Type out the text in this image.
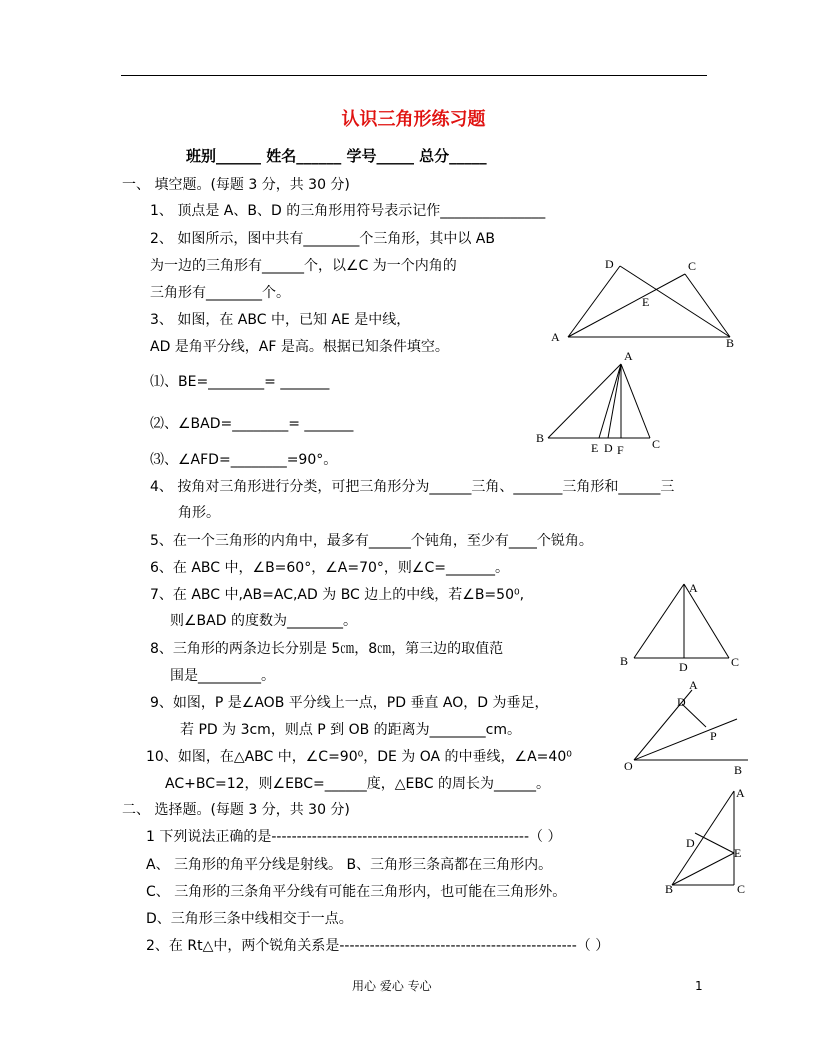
认识三角形练习题
班别______ 姓名______ 学号_____ 总分_____
一、 填空题。(每题 3 分，共 30 分)
1、 顶点是 A、B、D 的三角形用符号表示记作_______________
2、 如图所示，图中共有________个三角形，其中以 AB
为一边的三角形有______个，以∠C 为一个内角的
三角形有________个。
3、 如图，在 ABC 中，已知 AE 是中线，
AD 是角平分线，AF 是高。根据已知条件填空。
⑴、BE=________= _______
⑵、∠BAD=________= _______
⑶、∠AFD=________=90°。
4、 按角对三角形进行分类，可把三角形分为______三角、_______三角形和______三
角形。
5、在一个三角形的内角中，最多有______个钝角，至少有____个锐角。
6、在 ABC 中，∠B=60°，∠A=70°，则∠C=_______。
7、在 ABC 中,AB=AC,AD 为 BC 边上的中线，若∠B=50⁰,
则∠BAD 的度数为________。
8、三角形的两条边长分别是 5㎝，8㎝，第三边的取值范
围是_________。
9、如图，P 是∠AOB 平分线上一点，PD 垂直 AO，D 为垂足，
若 PD 为 3cm，则点 P 到 OB 的距离为________cm。
10、如图，在△ABC 中，∠C=90⁰，DE 为 OA 的中垂线，∠A=40⁰
AC+BC=12，则∠EBC=______度，△EBC 的周长为______。
二、 选择题。(每题 3 分，共 30 分)
1 下列说法正确的是---------------------------------------------------（ ）
A、 三角形的角平分线是射线。 B、三角形三条高都在三角形内。
C、 三角形的三条角平分线有可能在三角形内，也可能在三角形外。
D、三角形三条中线相交于一点。
2、在 Rt△中，两个锐角关系是-----------------------------------------------（ ）
D	C
E
A	B
A
B
E D F C
A
B	D	C
A
D
P
O	B
A
D
E
B	C
用心 爱心 专心	1
